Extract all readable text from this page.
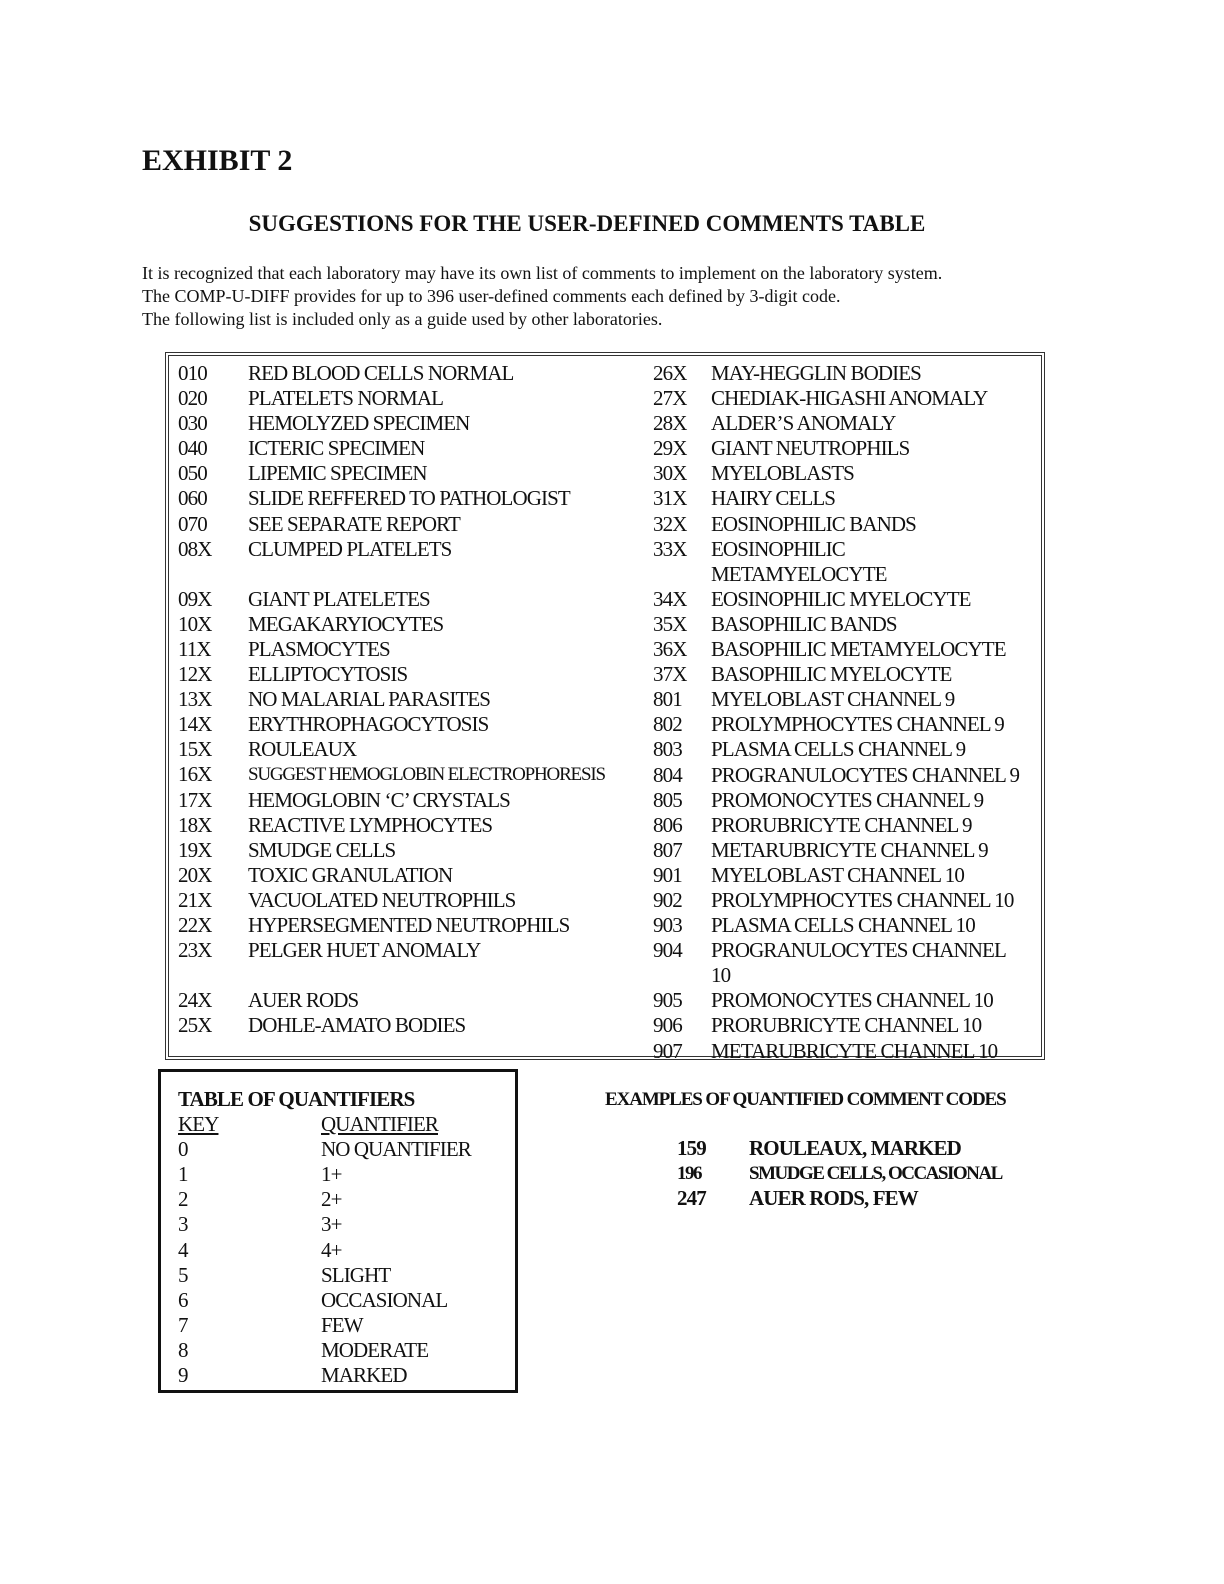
EXHIBIT 2
SUGGESTIONS FOR THE USER-DEFINED COMMENTS TABLE

It is recognized that each laboratory may have its own list of comments to implement on the laboratory system.

The COMP-U-DIFF provides for up to 396 user-defined comments each defined by 3-digit code.

The following list is included only as a guide used by other laboratories.

010	RED BLOOD CELLS NORMAL
020	PLATELETS NORMAL
030	HEMOLYZED SPECIMEN
040	ICTERIC SPECIMEN
050	LIPEMIC SPECIMEN
060	SLIDE REFFERED TO PATHOLOGIST
070	SEE SEPARATE REPORT
08X	CLUMPED PLATELETS
09X	GIANT PLATELETES
10X	MEGAKARYIOCYTES
11X	PLASMOCYTES
12X	ELLIPTOCYTOSIS
13X	NO MALARIAL PARASITES
14X	ERYTHROPHAGOCYTOSIS
15X	ROULEAUX
16X	SUGGEST HEMOGLOBIN ELECTROPHORESIS
17X	HEMOGLOBIN ‘C’ CRYSTALS
18X	REACTIVE LYMPHOCYTES
19X	SMUDGE CELLS
20X	TOXIC GRANULATION
21X	VACUOLATED NEUTROPHILS
22X	HYPERSEGMENTED NEUTROPHILS
23X	PELGER HUET ANOMALY
24X	AUER RODS
25X	DOHLE-AMATO BODIES
26X	MAY-HEGGLIN BODIES
27X	CHEDIAK-HIGASHI ANOMALY
28X	ALDER’S ANOMALY
29X	GIANT NEUTROPHILS
30X	MYELOBLASTS
31X	HAIRY CELLS
32X	EOSINOPHILIC BANDS
33X	EOSINOPHILIC METAMYELOCYTE
34X	EOSINOPHILIC MYELOCYTE
35X	BASOPHILIC BANDS
36X	BASOPHILIC METAMYELOCYTE
37X	BASOPHILIC MYELOCYTE
801	MYELOBLAST CHANNEL 9
802	PROLYMPHOCYTES CHANNEL 9
803	PLASMA CELLS CHANNEL 9
804	PROGRANULOCYTES CHANNEL 9
805	PROMONOCYTES CHANNEL 9
806	PRORUBRICYTE CHANNEL 9
807	METARUBRICYTE CHANNEL 9
901	MYELOBLAST CHANNEL 10
902	PROLYMPHOCYTES CHANNEL 10
903	PLASMA CELLS CHANNEL 10
904	PROGRANULOCYTES CHANNEL 10
905	PROMONOCYTES CHANNEL 10
906	PRORUBRICYTE CHANNEL 10
907	METARUBRICYTE CHANNEL 10
TABLE OF QUANTIFIERS
KEY	QUANTIFIER
0	NO QUANTIFIER
1	1+
2	2+
3	3+
4	4+
5	SLIGHT
6	OCCASIONAL
7	FEW
8	MODERATE
9	MARKED
EXAMPLES OF QUANTIFIED COMMENT CODES
159	ROULEAUX, MARKED
196	SMUDGE CELLS, OCCASIONAL
247	AUER RODS, FEW
